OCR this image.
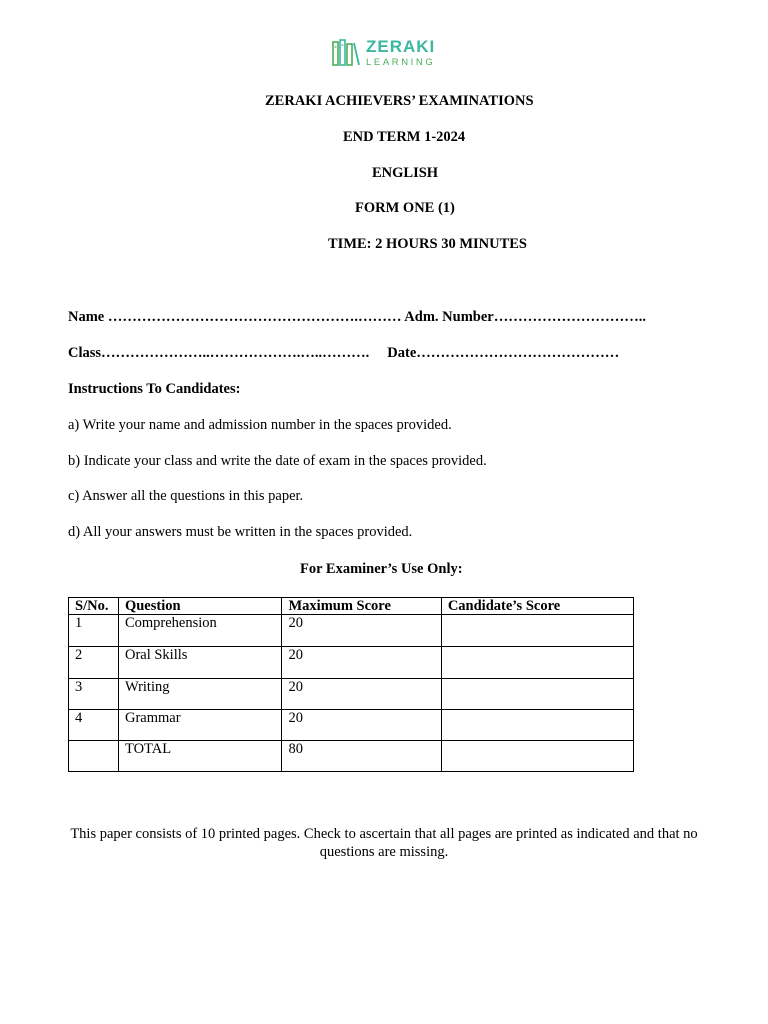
ZERAKI
LEARNING
ZERAKI ACHIEVERS’ EXAMINATIONS
END TERM 1-2024
ENGLISH
FORM ONE (1)
TIME: 2 HOURS 30 MINUTES
Name …………………………………………….……… Adm. Number…………………………..
Class…………………..……………….…..………. Date……………………………………
Instructions To Candidates:
a) Write your name and admission number in the spaces provided.
b) Indicate your class and write the date of exam in the spaces provided.
c) Answer all the questions in this paper.
d) All your answers must be written in the spaces provided.
For Examiner’s Use Only:
S/No.	Question	Maximum Score	Candidate’s Score
1	Comprehension	20	
2	Oral Skills	20	
3	Writing	20	
4	Grammar	20	
	TOTAL	80	
This paper consists of 10 printed pages. Check to ascertain that all pages are printed as indicated and that no questions are missing.
